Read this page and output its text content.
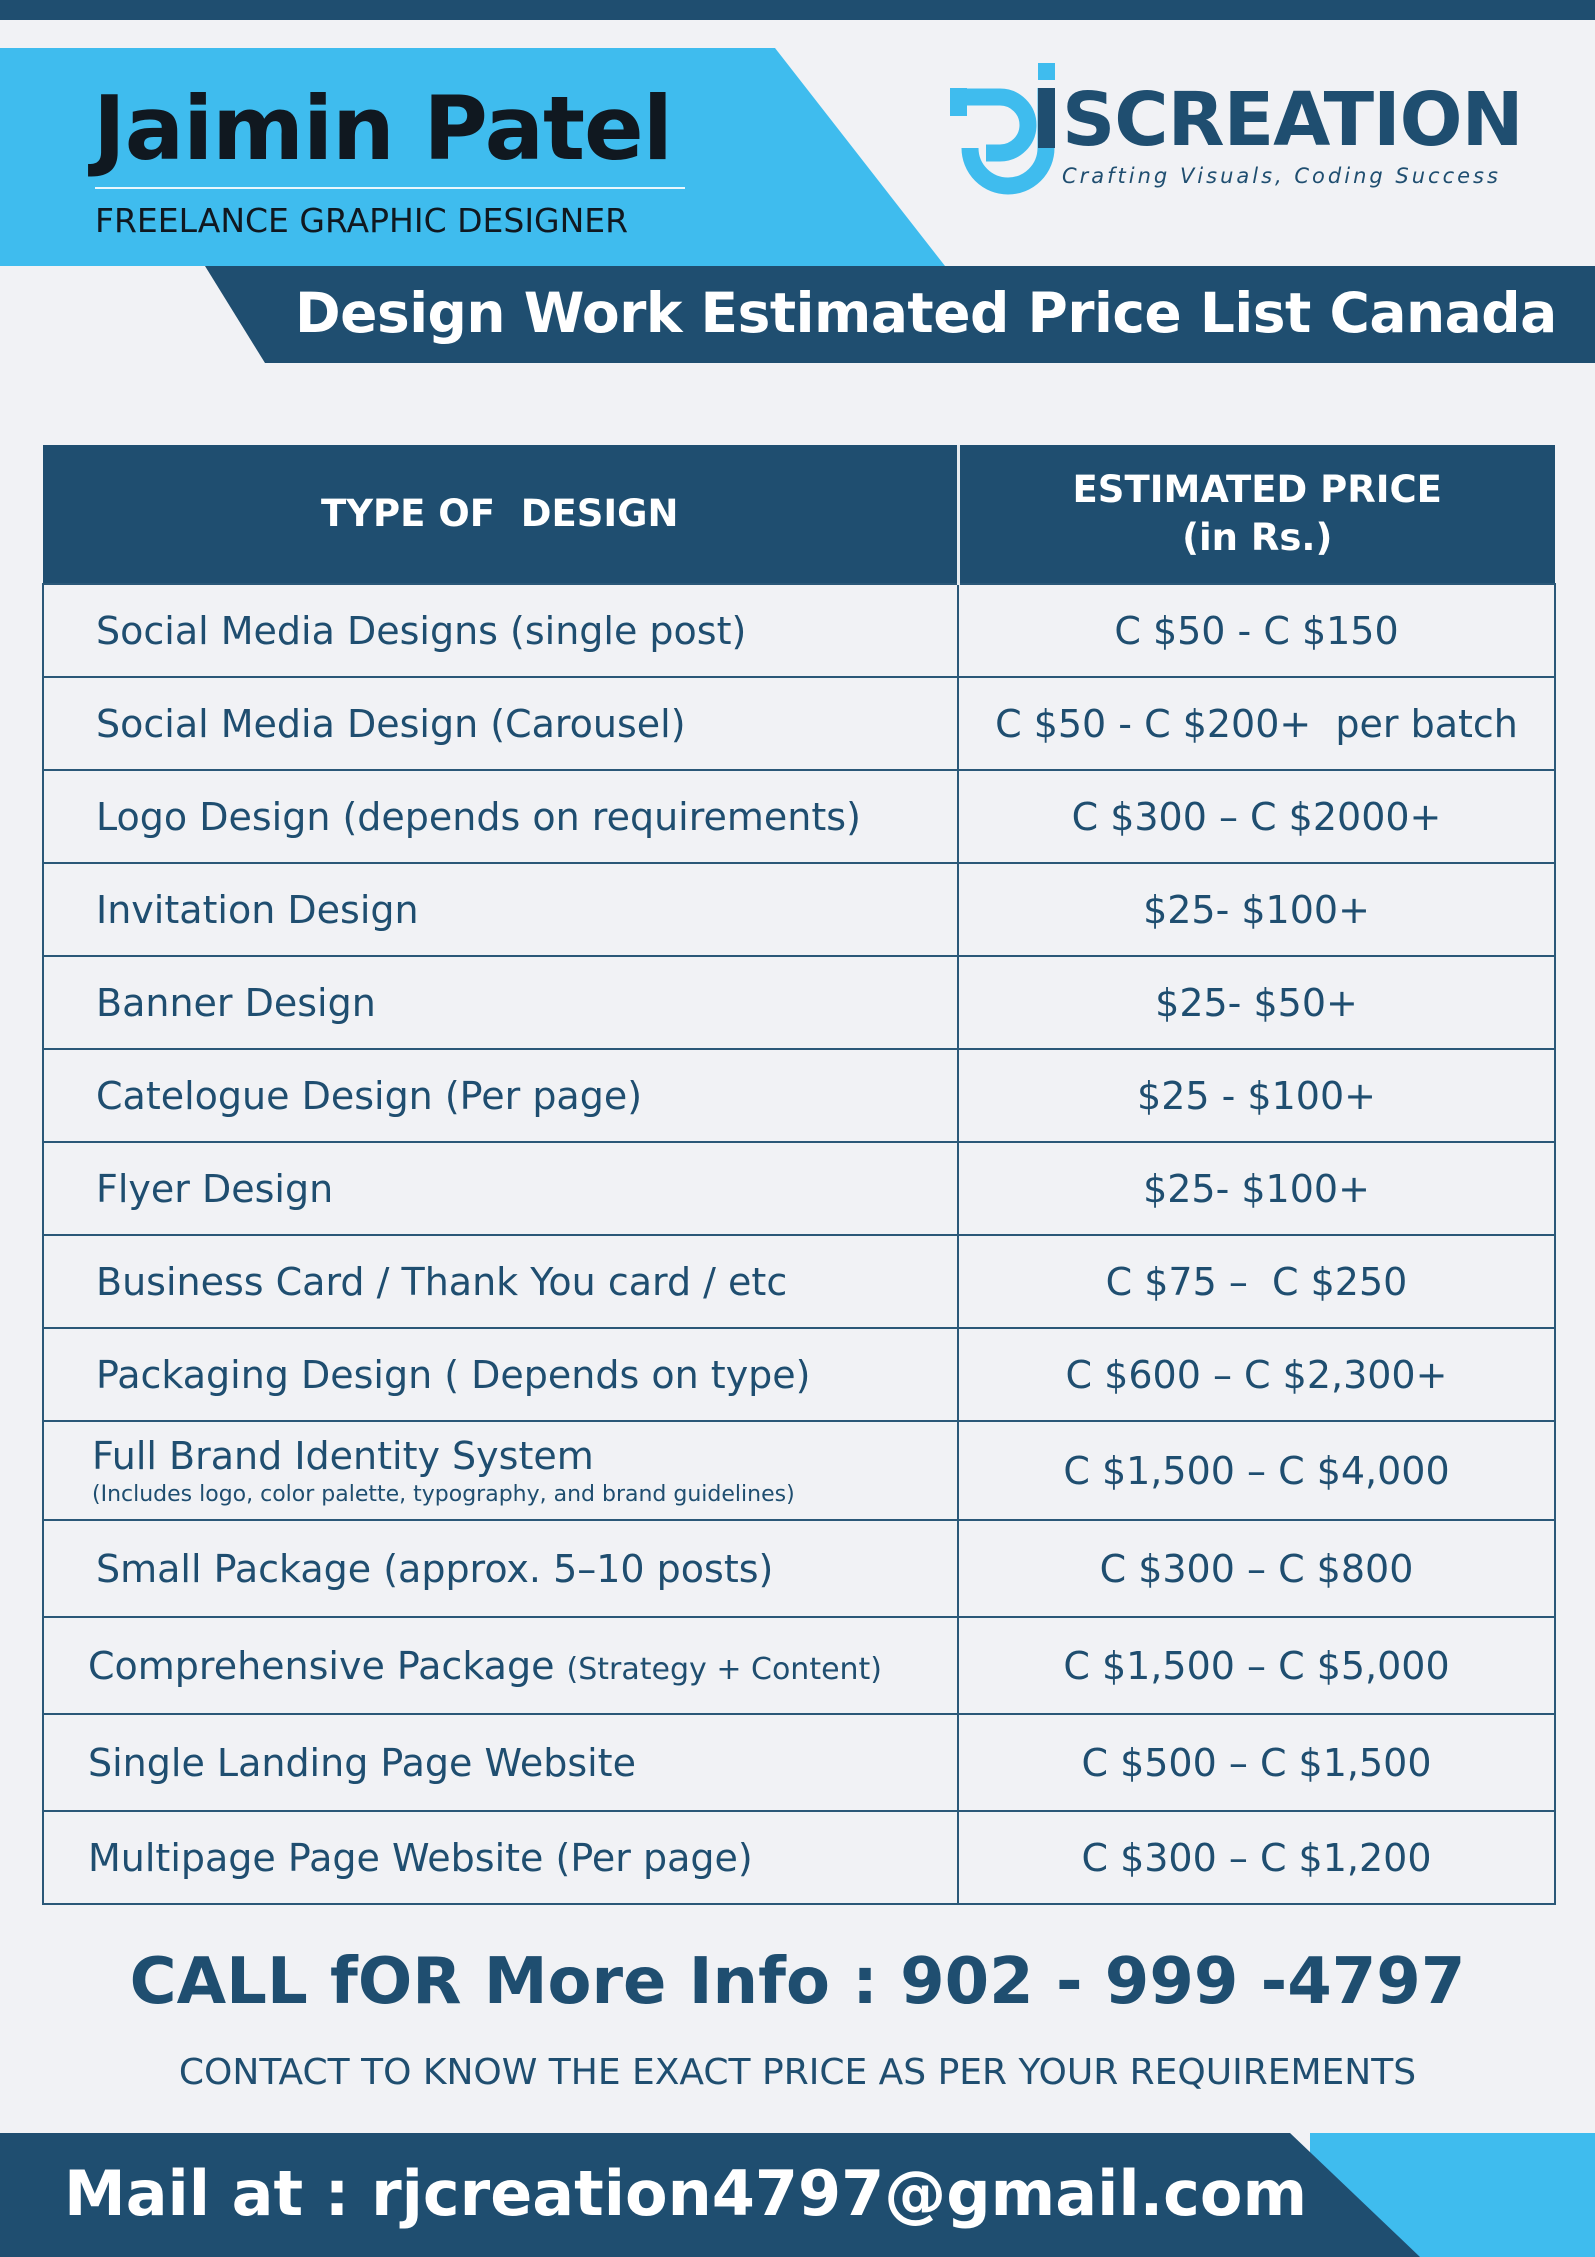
Jaimin Patel
FREELANCE GRAPHIC DESIGNER
RJ
SCREATION
Crafting Visuals, Coding Success
Design Work Estimated Price List Canada
TYPE OF  DESIGN	ESTIMATED PRICE
(in Rs.)
Social Media Designs (single post)	C $50 - C $150
Social Media Design (Carousel)	C $50 - C $200+  per batch
Logo Design (depends on requirements)	C $300 – C $2000+
Invitation Design	$25- $100+
Banner Design	$25- $50+
Catelogue Design (Per page)	$25 - $100+
Flyer Design	$25- $100+
Business Card / Thank You card / etc	C $75 –  C $250
Packaging Design ( Depends on type)	C $600 – C $2,300+
Full Brand Identity System
(Includes logo, color palette, typography, and brand guidelines)	C $1,500 – C $4,000
Small Package (approx. 5–10 posts)	C $300 – C $800
Comprehensive Package (Strategy + Content)	C $1,500 – C $5,000
Single Landing Page Website	C $500 – C $1,500
Multipage Page Website (Per page)	C $300 – C $1,200
CALL fOR More Info : 902 - 999 -4797
CONTACT TO KNOW THE EXACT PRICE AS PER YOUR REQUIREMENTS
Mail at : rjcreation4797@gmail.com
